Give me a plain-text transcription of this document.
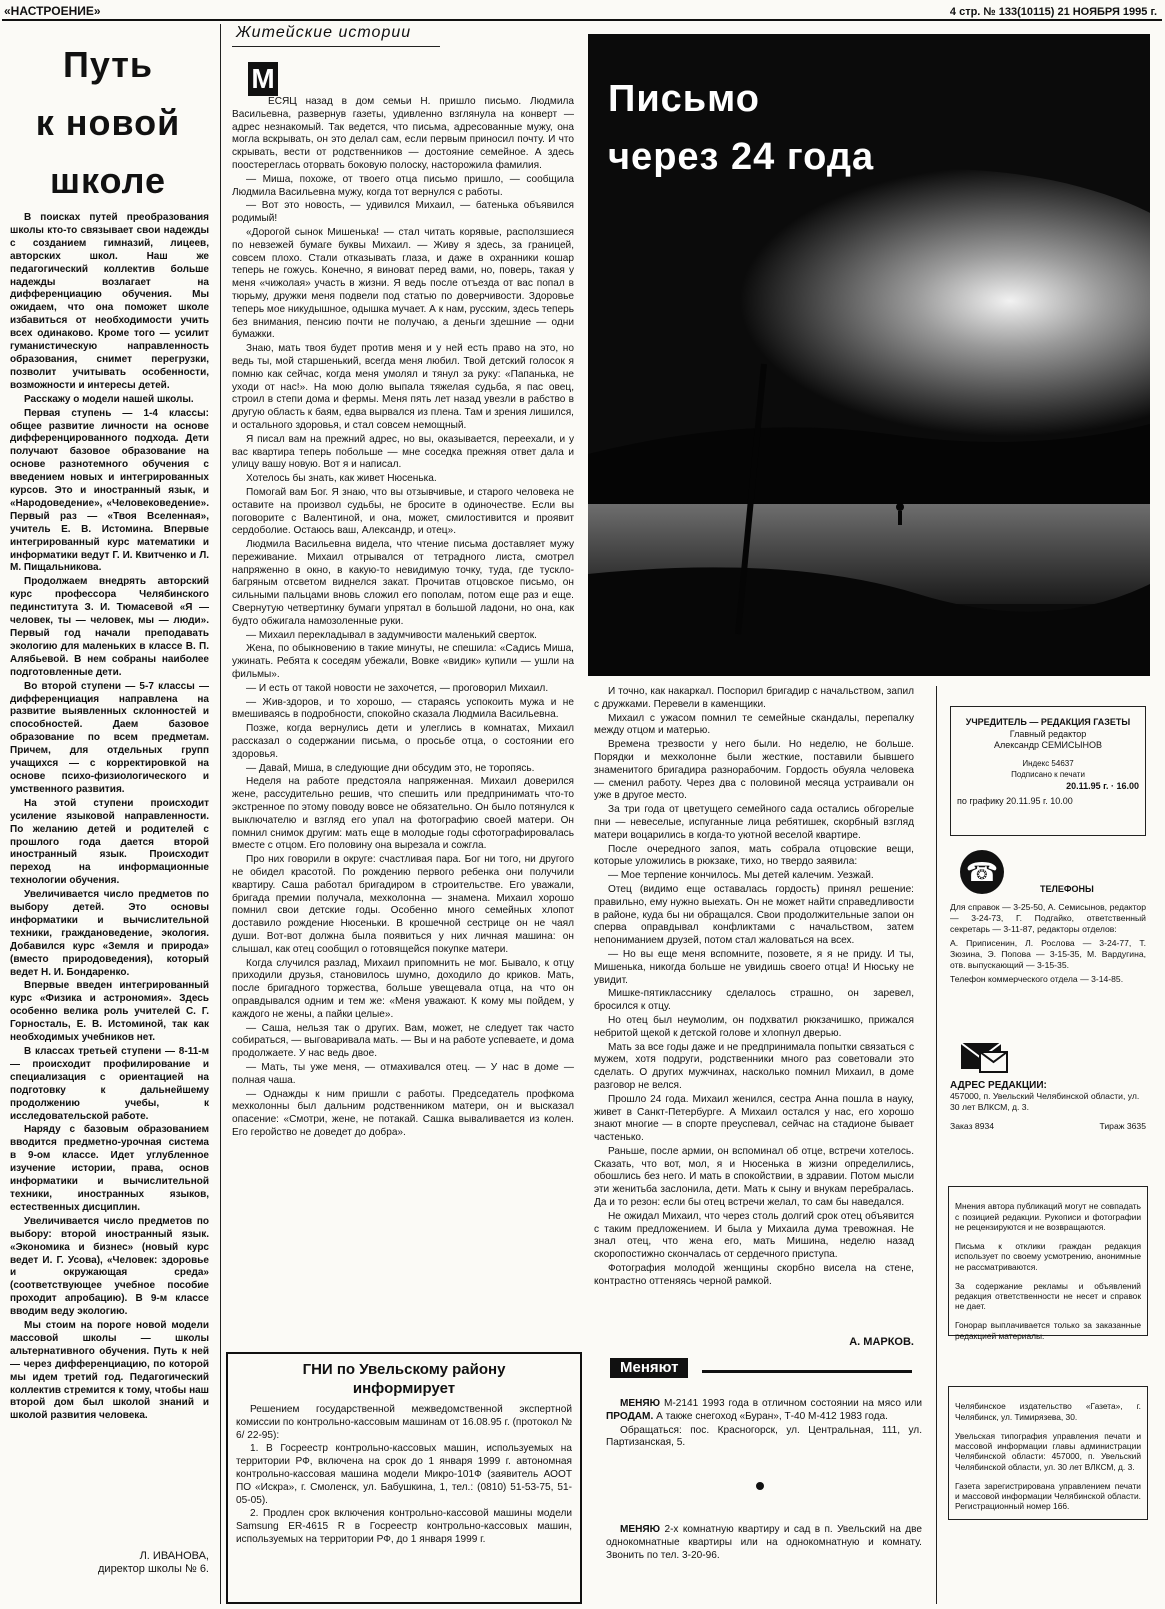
«НАСТРОЕНИЕ»	4 стр. № 133(10115) 21 НОЯБРЯ 1995 г.
Путь
к новой
школе

В поисках путей преобразования школы кто-то связывает свои надежды с созданием гимназий, лицеев, авторских школ. Наш же педагогический коллектив больше надежды возлагает на дифференциацию обучения. Мы ожидаем, что она поможет школе избавиться от необходимости учить всех одинаково. Кроме того — усилит гуманистическую направленность образования, снимет перегрузки, позволит учитывать особенности, возможности и интересы детей.

Расскажу о модели нашей школы.

Первая ступень — 1-4 классы: общее развитие личности на основе дифференцированного подхода. Дети получают базовое образование на основе разнотемного обучения с введением новых и интегрированных курсов. Это и иностранный язык, и «Народоведение», «Человековедение». Первый раз — «Твоя Вселенная», учитель Е. В. Истомина. Впервые интегрированный курс математики и информатики ведут Г. И. Квитченко и Л. М. Пищальникова.

Продолжаем внедрять авторский курс профессора Челябинского пединститута З. И. Тюмасевой «Я — человек, ты — человек, мы — люди». Первый год начали преподавать экологию для маленьких в классе В. П. Алябьевой. В нем собраны наиболее подготовленные дети.

Во второй ступени — 5-7 классы — дифференциация направлена на развитие выявленных склонностей и способностей. Даем базовое образование по всем предметам. Причем, для отдельных групп учащихся — с корректировкой на основе психо-физиологического и умственного развития.

На этой ступени происходит усиление языковой направленности. По желанию детей и родителей с прошлого года дается второй иностранный язык. Происходит переход на информационные технологии обучения.

Увеличивается число предметов по выбору детей. Это основы информатики и вычислительной техники, граждановедение, экология. Добавился курс «Земля и природа» (вместо природоведения), который ведет Н. И. Бондаренко.

Впервые введен интегрированный курс «Физика и астрономия». Здесь особенно велика роль учителей С. Г. Горносталь, Е. В. Истоминой, так как необходимых учебников нет.

В классах третьей ступени — 8-11-м — происходит профилирование и специализация с ориентацией на подготовку к дальнейшему продолжению учебы, к исследовательской работе.

Наряду с базовым образованием вводится предметно-урочная система в 9-ом классе. Идет углубленное изучение истории, права, основ информатики и вычислительной техники, иностранных языков, естественных дисциплин.

Увеличивается число предметов по выбору: второй иностранный язык. «Экономика и бизнес» (новый курс ведет И. Г. Усова), «Человек: здоровье и окружающая среда» (соответствующее учебное пособие проходит апробацию). В 9-м классе вводим веду экологию.

Мы стоим на пороге новой модели массовой школы — школы альтернативного обучения. Путь к ней — через дифференциацию, по которой мы идем третий год. Педагогический коллектив стремится к тому, чтобы наш второй дом был школой знаний и школой развития человека.

Л. ИВАНОВА,
директор школы № 6.
Житейские истории
М

ЕСЯЦ назад в дом семьи Н. пришло письмо. Людмила Васильевна, развернув газеты, удивленно взглянула на конверт — адрес незнакомый. Так ведется, что письма, адресованные мужу, она могла вскрывать, он это делал сам, если первым приносил почту. И что скрывать, вести от родственников — достояние семейное. А здесь поостереглась оторвать боковую полоску, насторожила фамилия.

— Миша, похоже, от твоего отца письмо пришло, — сообщила Людмила Васильевна мужу, когда тот вернулся с работы.

— Вот это новость, — удивился Михаил, — батенька объявился родимый!

«Дорогой сынок Мишенька! — стал читать корявые, расползшиеся по невзежей бумаге буквы Михаил. — Живу я здесь, за границей, совсем плохо. Стали отказывать глаза, и даже в охранники кошар теперь не гожусь. Конечно, я виноват перед вами, но, поверь, такая у меня «чижолая» участь в жизни. Я ведь после отъезда от вас попал в тюрьму, дружки меня подвели под статью по доверчивости. Здоровье теперь мое никудышное, одышка мучает. А к нам, русским, здесь теперь без внимания, пенсию почти не получаю, а деньги здешние — одни бумажки.

Знаю, мать твоя будет против меня и у ней есть право на это, но ведь ты, мой старшенький, всегда меня любил. Твой детский голосок я помню как сейчас, когда меня умолял и тянул за руку: «Папанька, не уходи от нас!». На мою долю выпала тяжелая судьба, я пас овец, строил в степи дома и фермы. Меня пять лет назад увезли в рабство в другую область к баям, едва вырвался из плена. Там и зрения лишился, и остального здоровья, и стал совсем немощный.

Я писал вам на прежний адрес, но вы, оказывается, переехали, и у вас квартира теперь побольше — мне соседка прежняя ответ дала и улицу вашу новую. Вот я и написал.

Хотелось бы знать, как живет Нюсенька.

Помогай вам Бог. Я знаю, что вы отзывчивые, и старого человека не оставите на произвол судьбы, не бросите в одиночестве. Если вы поговорите с Валентиной, и она, может, смилостивится и проявит сердоболие. Остаюсь ваш, Александр, и отец».

Людмила Васильевна видела, что чтение письма доставляет мужу переживание. Михаил отрывался от тетрадного листа, смотрел напряженно в окно, в какую-то невидимую точку, туда, где тускло-багряным отсветом виднелся закат. Прочитав отцовское письмо, он сильными пальцами вновь сложил его пополам, потом еще раз и еще. Свернутую четвертинку бумаги упрятал в большой ладони, но она, как будто обжигала намозоленные руки.

— Михаил перекладывал в задумчивости маленький сверток.

Жена, по обыкновению в такие минуты, не спешила: «Садись Миша, ужинать. Ребята к соседям убежали, Вовке «видик» купили — ушли на фильмы».

— И есть от такой новости не захочется, — проговорил Михаил.

— Жив-здоров, и то хорошо, — стараясь успокоить мужа и не вмешиваясь в подробности, спокойно сказала Людмила Васильевна.

Позже, когда вернулись дети и улеглись в комнатах, Михаил рассказал о содержании письма, о просьбе отца, о состоянии его здоровья.

— Давай, Миша, в следующие дни обсудим это, не торопясь.

Неделя на работе предстояла напряженная. Михаил доверился жене, рассудительно решив, что спешить или предпринимать что-то экстренное по этому поводу вовсе не обязательно. Он было потянулся к выключателю и взгляд его упал на фотографию своей матери. Он помнил снимок другим: мать еще в молодые годы сфотографировалась вместе с отцом. Его половину она вырезала и сожгла.

Про них говорили в округе: счастливая пара. Бог ни того, ни другого не обидел красотой. По рождению первого ребенка они получили квартиру. Саша работал бригадиром в строительстве. Его уважали, бригада премии получала, мехколонна — знамена. Михаил хорошо помнил свои детские годы. Особенно много семейных хлопот доставило рождение Нюсеньки. В крошечной сестрице он не чаял души. Вот-вот должна была появиться у них личная машина: он слышал, как отец сообщил о готовящейся покупке матери.

Когда случился разлад, Михаил припомнить не мог. Бывало, к отцу приходили друзья, становилось шумно, доходило до криков. Мать, после бригадного торжества, больше увещевала отца, на что он оправдывался одним и тем же: «Меня уважают. К кому мы пойдем, у каждого не жены, а пайки целые».

— Саша, нельзя так о других. Вам, может, не следует так часто собираться, — выговаривала мать. — Вы и на работе успеваете, и дома продолжаете. У нас ведь двое.

— Мать, ты уже меня, — отмахивался отец. — У нас в доме — полная чаша.

— Однажды к ним пришли с работы. Председатель профкома мехколонны был дальним родственником матери, он и высказал опасение: «Смотри, жене, не потакай. Сашка вываливается из колен. Его геройство не доведет до добра».

Письмо
через 24 года

И точно, как накаркал. Поспорил бригадир с начальством, запил с дружками. Перевели в каменщики.

Михаил с ужасом помнил те семейные скандалы, перепалку между отцом и матерью.

Времена трезвости у него были. Но неделю, не больше. Порядки и мехколонне были жесткие, поставили бывшего знаменитого бригадира разнорабочим. Гордость обуяла человека — сменил работу. Через два с половиной месяца устраивали он уже в другое место.

За три года от цветущего семейного сада остались обгорелые пни — невеселые, испуганные лица ребятишек, скорбный взгляд матери воцарились в когда-то уютной веселой квартире.

После очередного запоя, мать собрала отцовские вещи, которые уложились в рюкзаке, тихо, но твердо заявила:

— Мое терпение кончилось. Мы детей калечим. Уезжай.

Отец (видимо еще оставалась гордость) принял решение: правильно, ему нужно выехать. Он не может найти справедливости в районе, куда бы ни обращался. Свои продолжительные запои он сперва оправдывал конфликтами с начальством, затем непониманием друзей, потом стал жаловаться на всех.

— Но вы еще меня вспомните, позовете, я я не приду. И ты, Мишенька, никогда больше не увидишь своего отца! И Нюську не увидит.

Мишке-пятикласснику сделалось страшно, он заревел, бросился к отцу.

Но отец был неумолим, он подхватил рюкзачишко, прижался небритой щекой к детской голове и хлопнул дверью.

Мать за все годы даже и не предпринимала попытки связаться с мужем, хотя подруги, родственники много раз советовали это сделать. О других мужчинах, насколько помнил Михаил, в доме разговор не велся.

Прошло 24 года. Михаил женился, сестра Анна пошла в науку, живет в Санкт-Петербурге. А Михаил остался у нас, его хорошо знают многие — в спорте преуспевал, сейчас на стадионе бывает частенько.

Раньше, после армии, он вспоминал об отце, встречи хотелось. Сказать, что вот, мол, я и Нюсенька в жизни определились, обошлись без него. И мать в спокойствии, в здравии. Потом мысли эти женитьба заслонила, дети. Мать к сыну и внукам перебралась. Да и то резон: если бы отец встречи желал, то сам бы наведался.

Не ожидал Михаил, что через столь долгий срок отец объявится с таким предложением. И была у Михаила дума тревожная. Не знал отец, что жена его, мать Мишина, неделю назад скоропостижно скончалась от сердечного приступа.

Фотография молодой женщины скорбно висела на стене, контрастно оттеняясь черной рамкой.

А. МАРКОВ.
ГНИ по Увельскому району информирует

Решением государственной межведомственной экспертной комиссии по контрольно-кассовым машинам от 16.08.95 г. (протокол № 6/ 22-95):

1. В Госреестр контрольно-кассовых машин, используемых на территории РФ, включена на срок до 1 января 1999 г. автономная контрольно-кассовая машина модели Микро-101Ф (заявитель АООТ ПО «Искра», г. Смоленск, ул. Бабушкина, 1, тел.: (0810) 51-53-75, 51-05-05).

2. Продлен срок включения контрольно-кассовой машины модели Samsung ER-4615 R в Госреестр контрольно-кассовых машин, используемых на территории РФ, до 1 января 1999 г.

Меняют

МЕНЯЮ М-2141 1993 года в отличном состоянии на мясо или ПРОДАМ. А также снегоход «Буран», Т-40 М-412 1983 года.

Обращаться: пос. Красногорск, ул. Центральная, 111, ул. Партизанская, 5.

МЕНЯЮ 2-х комнатную квартиру и сад в п. Увельский на две однокомнатные квартиры или на однокомнатную и комнату. Звонить по тел. 3-20-96.

УЧРЕДИТЕЛЬ — РЕДАКЦИЯ ГАЗЕТЫ
Главный редактор
Александр СЕМИСЫНОВ
Индекс 54637
Подписано к печати
20.11.95 г. · 16.00
по графику 20.11.95 г. 10.00
☎
ТЕЛЕФОНЫ
Для справок — 3-25-50, А. Семисынов, редактор — 3-24-73, Г. Подгайко, ответственный секретарь — 3-11-87, редакторы отделов:
А. Приписенин, Л. Рослова — 3-24-77, Т. Зюзина, Э. Попова — 3-15-35, М. Вардугина, отв. выпускающий — 3-15-35.
Телефон коммерческого отдела — 3-14-85.
АДРЕС РЕДАКЦИИ:
457000, п. Увельский Челябинской области, ул. 30 лет ВЛКСМ, д. 3.
Заказ 8934	Тираж 3635

Мнения автора публикаций могут не совпадать с позицией редакции. Рукописи и фотографии не рецензируются и не возвращаются.

Письма к отклики граждан редакция использует по своему усмотрению, анонимные не рассматриваются.

За содержание рекламы и объявлений редакция ответственности не несет и справок не дает.

Гонорар выплачивается только за заказанные редакцией материалы.

Челябинское издательство «Газета», г. Челябинск, ул. Тимирязева, 30.

Увельская типография управления печати и массовой информации главы администрации Челябинской области: 457000, п. Увельский Челябинской области, ул. 30 лет ВЛКСМ, д. 3.

Газета зарегистрирована управлением печати и массовой информации Челябинской области. Регистрационный номер 166.
